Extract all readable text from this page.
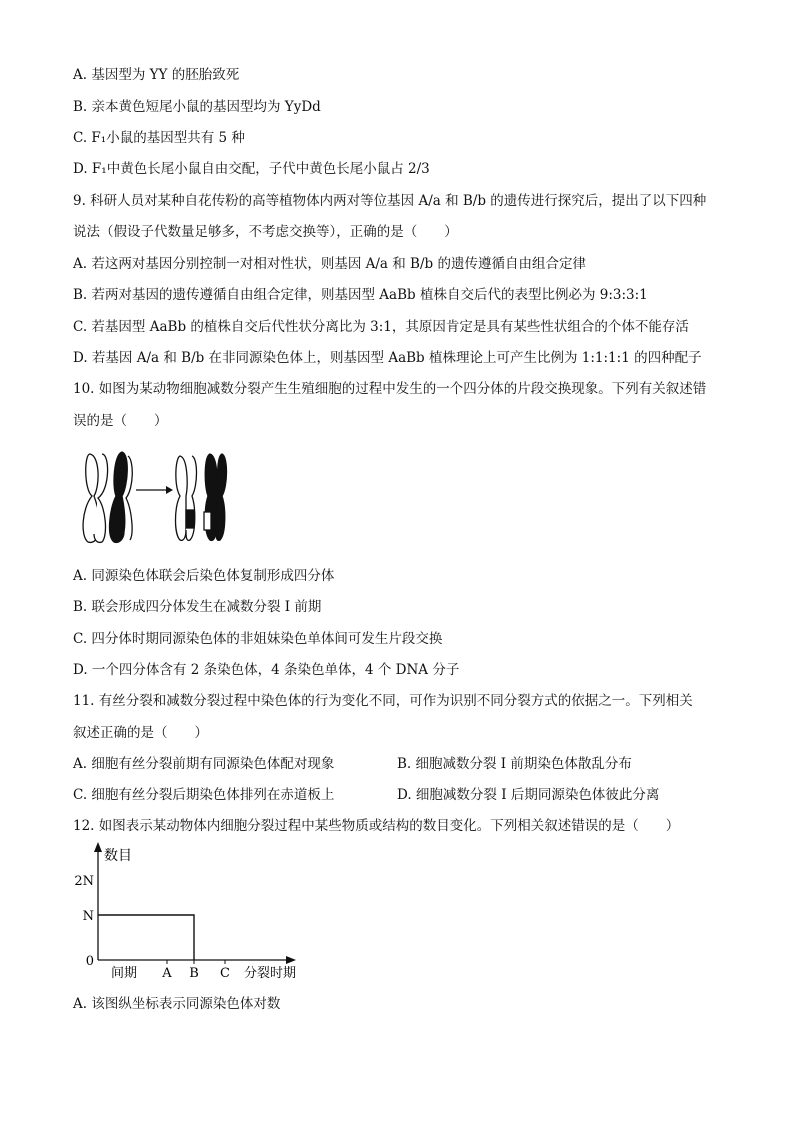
A. 基因型为 YY 的胚胎致死
B. 亲本黄色短尾小鼠的基因型均为 YyDd
C. F₁小鼠的基因型共有 5 种
D. F₁中黄色长尾小鼠自由交配，子代中黄色长尾小鼠占 2/3
9. 科研人员对某种自花传粉的高等植物体内两对等位基因 A/a 和 B/b 的遗传进行探究后，提出了以下四种
说法（假设子代数量足够多，不考虑交换等），正确的是（　　）
A. 若这两对基因分别控制一对相对性状，则基因 A/a 和 B/b 的遗传遵循自由组合定律
B. 若两对基因的遗传遵循自由组合定律，则基因型 AaBb 植株自交后代的表型比例必为 9:3:3:1
C. 若基因型 AaBb 的植株自交后代性状分离比为 3:1，其原因肯定是具有某些性状组合的个体不能存活
D. 若基因 A/a 和 B/b 在非同源染色体上，则基因型 AaBb 植株理论上可产生比例为 1:1:1:1 的四种配子
10. 如图为某动物细胞减数分裂产生生殖细胞的过程中发生的一个四分体的片段交换现象。下列有关叙述错
误的是（　　）
A. 同源染色体联会后染色体复制形成四分体
B. 联会形成四分体发生在减数分裂 I 前期
C. 四分体时期同源染色体的非姐妹染色单体间可发生片段交换
D. 一个四分体含有 2 条染色体，4 条染色单体，4 个 DNA 分子
11. 有丝分裂和减数分裂过程中染色体的行为变化不同，可作为识别不同分裂方式的依据之一。下列相关
叙述正确的是（　　）
A. 细胞有丝分裂前期有同源染色体配对现象	B. 细胞减数分裂 I 前期染色体散乱分布
C. 细胞有丝分裂后期染色体排列在赤道板上	D. 细胞减数分裂 I 后期同源染色体彼此分离
12. 如图表示某动物体内细胞分裂过程中某些物质或结构的数目变化。下列相关叙述错误的是（　　）
数目
分裂时期
0
N
2N
间期 A B C
A. 该图纵坐标表示同源染色体对数
